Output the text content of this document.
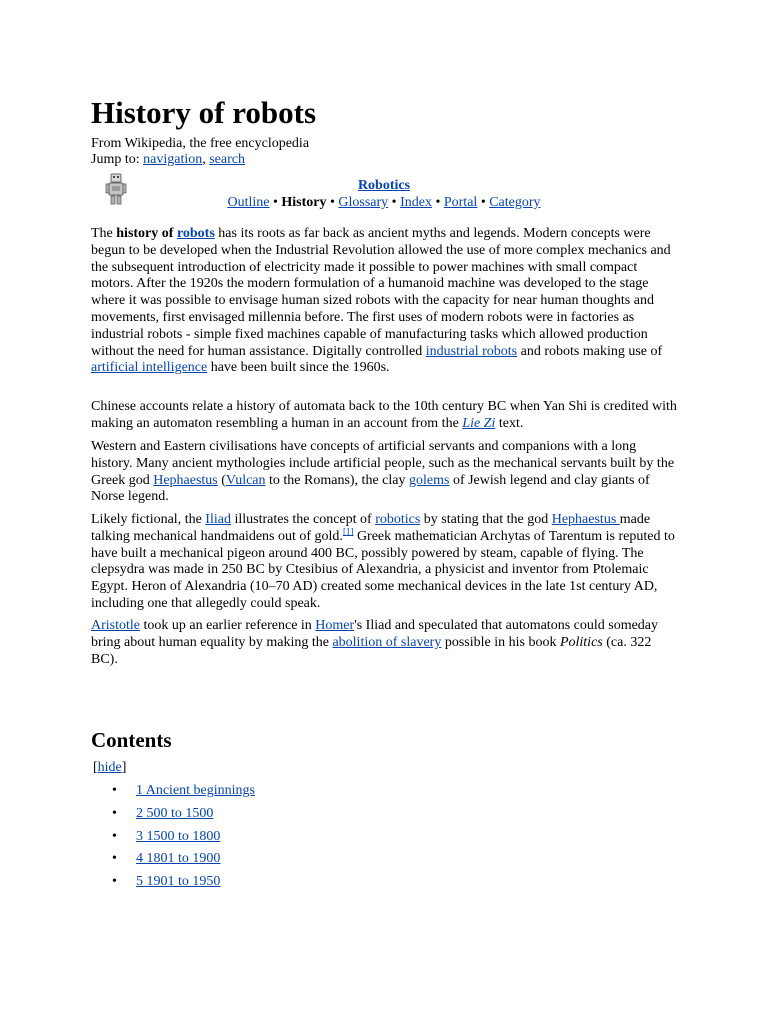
History of robots
From Wikipedia, the free encyclopedia
Jump to: navigation, search
Robotics
Outline • History • Glossary • Index • Portal • Category

The history of robots has its roots as far back as ancient myths and legends. Modern concepts were begun to be developed when the Industrial Revolution allowed the use of more complex mechanics and the subsequent introduction of electricity made it possible to power machines with small compact motors. After the 1920s the modern formulation of a humanoid machine was developed to the stage where it was possible to envisage human sized robots with the capacity for near human thoughts and movements, first envisaged millennia before. The first uses of modern robots were in factories as industrial robots - simple fixed machines capable of manufacturing tasks which allowed production without the need for human assistance. Digitally controlled industrial robots and robots making use of artificial intelligence have been built since the 1960s.

Chinese accounts relate a history of automata back to the 10th century BC when Yan Shi is credited with making an automaton resembling a human in an account from the Lie Zi text.

Western and Eastern civilisations have concepts of artificial servants and companions with a long history. Many ancient mythologies include artificial people, such as the mechanical servants built by the Greek god Hephaestus (Vulcan to the Romans), the clay golems of Jewish legend and clay giants of Norse legend.

Likely fictional, the Iliad illustrates the concept of robotics by stating that the god Hephaestus made talking mechanical handmaidens out of gold.[1] Greek mathematician Archytas of Tarentum is reputed to have built a mechanical pigeon around 400 BC, possibly powered by steam, capable of flying. The clepsydra was made in 250 BC by Ctesibius of Alexandria, a physicist and inventor from Ptolemaic Egypt. Heron of Alexandria (10–70 AD) created some mechanical devices in the late 1st century AD, including one that allegedly could speak.

Aristotle took up an earlier reference in Homer's Iliad and speculated that automatons could someday bring about human equality by making the abolition of slavery possible in his book Politics (ca. 322 BC).

Contents
[hide]
• 1 Ancient beginnings
• 2 500 to 1500
• 3 1500 to 1800
• 4 1801 to 1900
• 5 1901 to 1950
